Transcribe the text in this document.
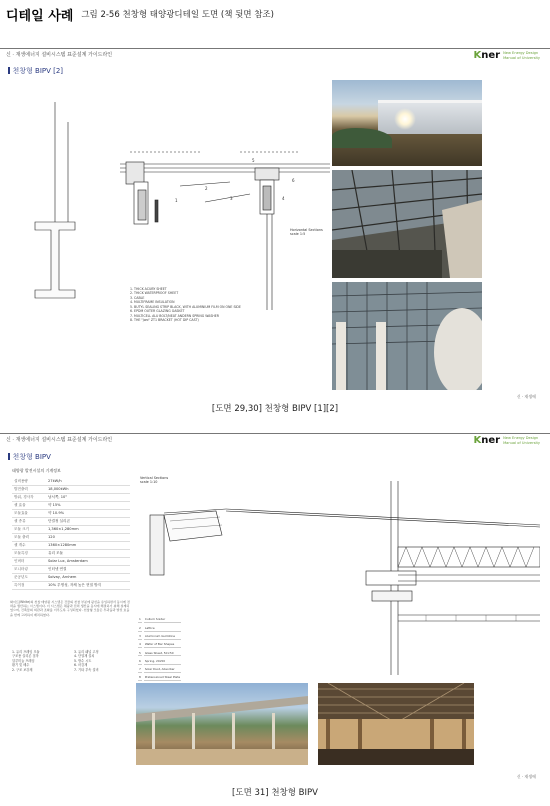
디테일 사례 그림 2-56 천창형 태양광디테일 도면 (책 뒷면 참조)
신 · 재생에너지 설비시스템 표준설계 가이드라인	Kner New Energy Design
Manual of University
천창형 BIPV [2]
1
2
3	4
5
6
Horizontal Sections
scale 1:5
1. THICK ACUBY SHEET
2. THICK WATERPROOF SHEET
3. CABLE
4. MULTIFRAME INSULATION
5. BUTYL SEALING STRIP BLACK, WITH ALUMINIUM FILM ON ONE SIDE
6. EPDM OUTER GLAZING GASKET
7. MULTICELL ALU BOLT/NEAT ANDERN SPRING WASHER
8. THE "Jwo" ZT1 BRACKET (HOT DIP CAST)
[도면 29,30] 천창형 BIPV [1][2]
신 · 재생에
신 · 재생에너지 설비시스템 표준설계 가이드라인	Kner New Energy Design
Manual of University
천창형 BIPV
태양광 발전시설의 기계정보
설비용량	27kW/h
발전출력	18,000kWh
방위, 경사각	남서쪽, 10°
셀 효율	약 15%
모듈효율	약 10.9%
셀 종류	단결정 실리콘
모듈 크기	1,360×1,280mm
모듈 출력	120
셀 개수	1360×1280mm
모듈특징	유리 모듈
인버터	Solar Lux, Amsterdam
모니터링	인터넷 연결
준공년도	Solvay, Arnhem
특이점	10% 투명성, 자체 높은 현열 방지
화이트(White)의 천창 태양광 시스템은 건물의 천창 부분에 광선을 유입하면서 동시에 전력을 생산하는 시스템이다. 이 시스템은 채광과 전력 생산을 동시에 해결하기 위해 설계되었으며, 건축물의 외관과 조화를 이루도록 구성되었다. 천창형 모듈은 투과율과 발전 효율을 함께 고려하여 배치하였다.
1. 유리 프레임 모듈
구조용 실리콘 접착
알루미늄 프레임
환기 및 배수
2. 구조 보강재
3. 유리 패널 고정
4. 단열재 설치
5. 방수 시트
6. 마감재
7. 기타 부속 설비
Vertical Sections
scale 1:10
1	Cullum Snider
2	Lattice
3	Aluminium Guillotine
4	Wafer of Bar Shapes
5	Glass Sheet, 50×50
6	Spring, 20x50
7	Solar Dust, Absorber
8	Pretensioned Steel Plate
[도면 31] 천창형 BIPV
신 · 재생에
